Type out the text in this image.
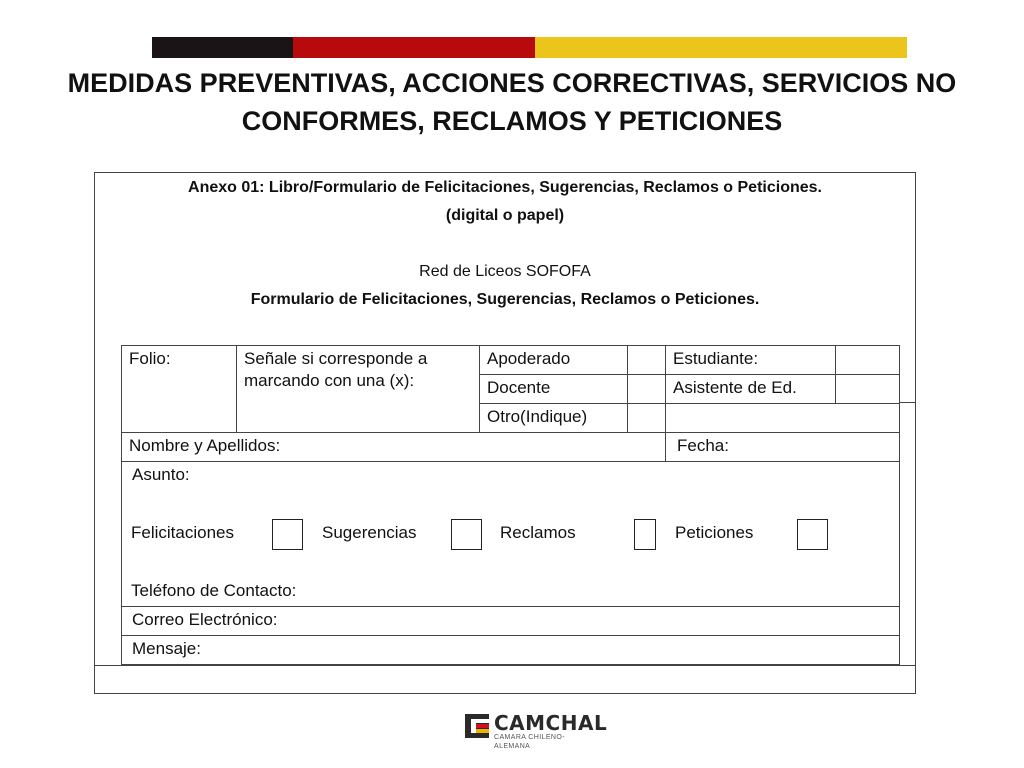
MEDIDAS PREVENTIVAS, ACCIONES CORRECTIVAS, SERVICIOS NO
CONFORMES, RECLAMOS Y PETICIONES
Anexo 01: Libro/Formulario de Felicitaciones, Sugerencias, Reclamos o Peticiones.
(digital o papel)
Red de Liceos SOFOFA
Formulario de Felicitaciones, Sugerencias, Reclamos o Peticiones.
Folio:	Señale si corresponde a
marcando con una (x):
Apoderado	Estudiante:
Docente	Asistente de Ed.
Otro(Indique)
Nombre y Apellidos:	Fecha:
Asunto:
Felicitaciones	Sugerencias	Reclamos	Peticiones
Teléfono de Contacto:
Correo Electrónico:
Mensaje:
CAMCHAL
CAMARA CHILENO-ALEMANA
